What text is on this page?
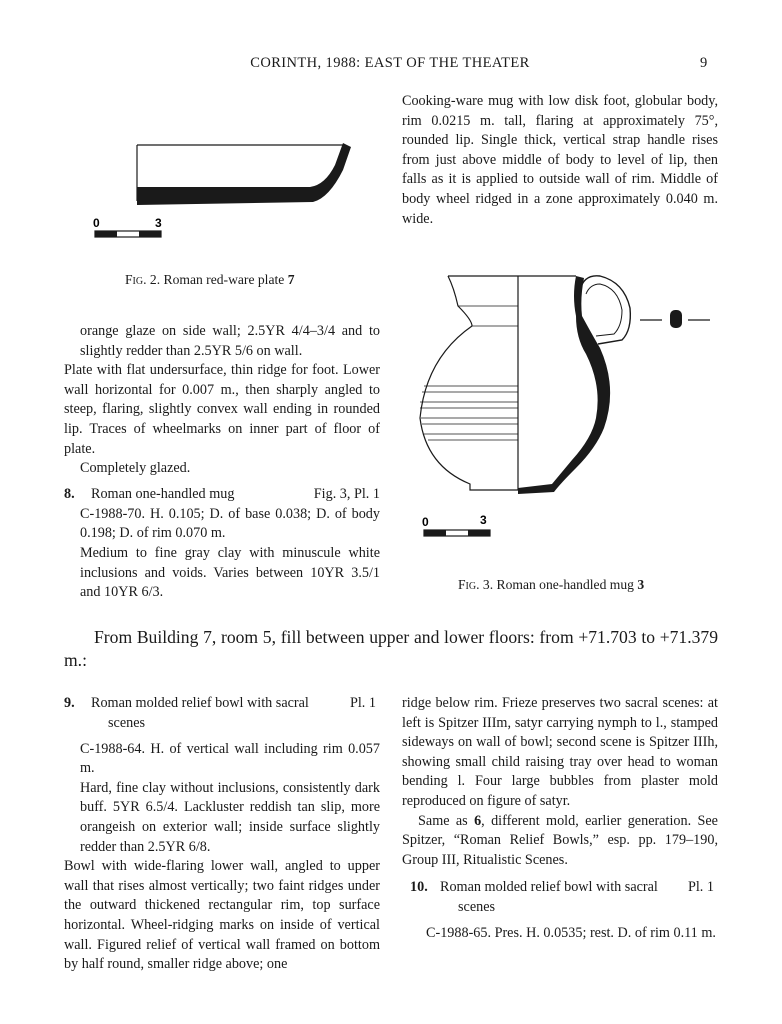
CORINTH, 1988: EAST OF THE THEATER	9
0	3
Fig. 2. Roman red-ware plate 7

Cooking-ware mug with low disk foot, globular body, rim 0.0215 m. tall, flaring at approximately 75°, rounded lip. Single thick, vertical strap handle rises from just above middle of body to level of lip, then falls as it is applied to outside wall of rim. Middle of body wheel ridged in a zone approximately 0.040 m. wide.

0	3
Fig. 3. Roman one-handled mug 3

orange glaze on side wall; 2.5YR 4/4–3/4 and to slightly redder than 2.5YR 5/6 on wall.

Plate with flat undersurface, thin ridge for foot. Lower wall horizontal for 0.007 m., then sharply angled to steep, flaring, slightly convex wall ending in rounded lip. Traces of wheelmarks on inner part of floor of plate.

Completely glazed.

8. Roman one-handled mug	Fig. 3, Pl. 1

C-1988-70. H. 0.105; D. of base 0.038; D. of body 0.198; D. of rim 0.070 m.

Medium to fine gray clay with minuscule white inclusions and voids. Varies between 10YR 3.5/1 and 10YR 6/3.

From Building 7, room 5, fill between upper and lower floors: from +71.703 to +71.379 m.:
9. Roman molded relief bowl with sacral	Pl. 1
scenes

C-1988-64. H. of vertical wall including rim 0.057 m.

Hard, fine clay without inclusions, consistently dark buff. 5YR 6.5/4. Lackluster reddish tan slip, more orangeish on exterior wall; inside surface slightly redder than 2.5YR 6/8.

Bowl with wide-flaring lower wall, angled to upper wall that rises almost vertically; two faint ridges under the outward thickened rectangular rim, top surface horizontal. Wheel-ridging marks on inside of vertical wall. Figured relief of vertical wall framed on bottom by half round, smaller ridge above; one

ridge below rim. Frieze preserves two sacral scenes: at left is Spitzer IIIm, satyr carrying nymph to l., stamped sideways on wall of bowl; second scene is Spitzer IIIh, showing small child raising tray over head to woman bending l. Four large bubbles from plaster mold reproduced on figure of satyr.

Same as 6, different mold, earlier generation. See Spitzer, “Roman Relief Bowls,” esp. pp. 179–190, Group III, Ritualistic Scenes.

10. Roman molded relief bowl with sacral Pl. 1
scenes

C-1988-65. Pres. H. 0.0535; rest. D. of rim 0.11 m.
